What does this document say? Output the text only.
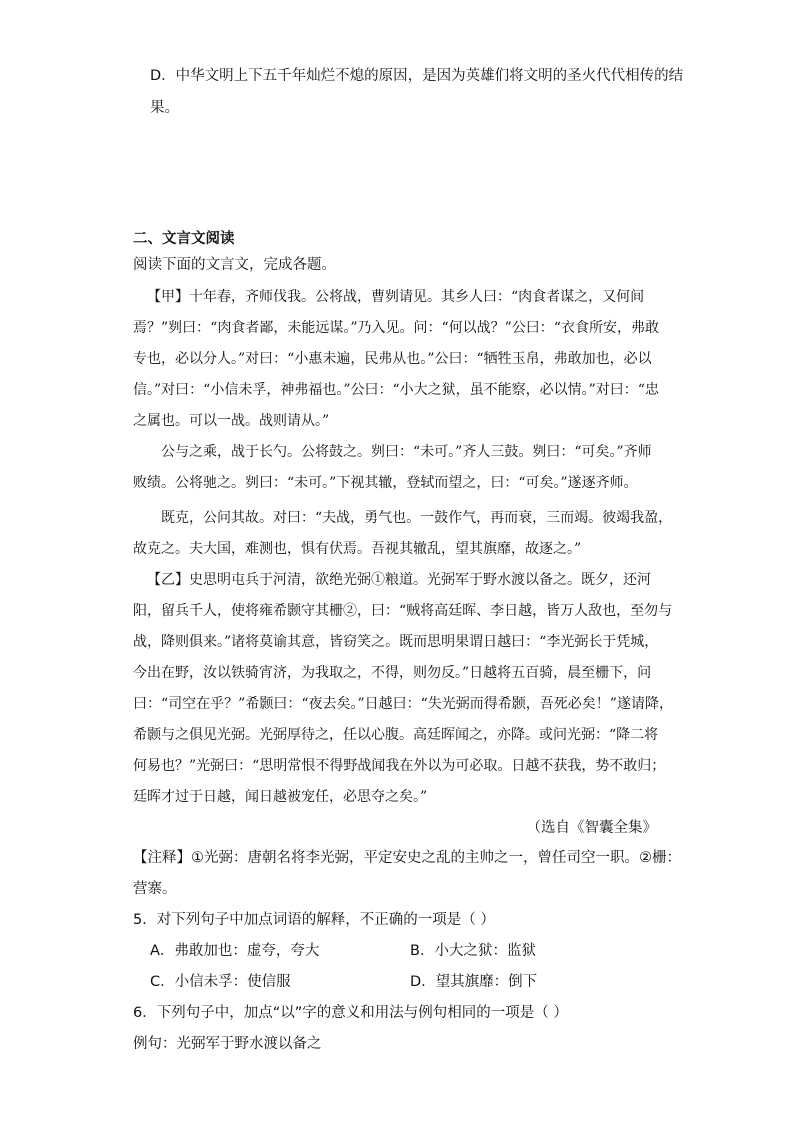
D．中华文明上下五千年灿烂不熄的原因，是因为英雄们将文明的圣火代代相传的结
果。
二、文言文阅读
阅读下面的文言文，完成各题。
【甲】十年春，齐师伐我。公将战，曹刿请见。其乡人曰：“肉食者谋之，又何间
焉？”刿曰：“肉食者鄙，未能远谋。”乃入见。问：“何以战？”公曰：“衣食所安，弗敢
专也，必以分人。”对曰：“小惠未遍，民弗从也。”公曰：“牺牲玉帛，弗敢加也，必以
信。”对曰：“小信未孚，神弗福也。”公曰：“小大之狱，虽不能察，必以情。”对曰：“忠
之属也。可以一战。战则请从。”
公与之乘，战于长勺。公将鼓之。刿曰：“未可。”齐人三鼓。刿曰：“可矣。”齐师
败绩。公将驰之。刿曰：“未可。”下视其辙，登轼而望之，曰：“可矣。”遂逐齐师。
既克，公问其故。对曰：“夫战，勇气也。一鼓作气，再而衰，三而竭。彼竭我盈，
故克之。夫大国，难测也，惧有伏焉。吾视其辙乱，望其旗靡，故逐之。”
【乙】史思明屯兵于河清，欲绝光弼①粮道。光弼军于野水渡以备之。既夕，还河
阳，留兵千人，使将雍希颢守其栅②，曰：“贼将高廷晖、李日越，皆万人敌也，至勿与
战，降则俱来。”诸将莫谕其意，皆窃笑之。既而思明果谓日越曰：“李光弼长于凭城，
今出在野，汝以铁骑宵济，为我取之，不得，则勿反。”日越将五百骑，晨至栅下，问
曰：“司空在乎？”希颢曰：“夜去矣。”日越曰：“失光弼而得希颢，吾死必矣！”遂请降，
希颢与之俱见光弼。光弼厚待之，任以心腹。高廷晖闻之，亦降。或问光弼：“降二将
何易也？”光弼曰：“思明常恨不得野战闻我在外以为可必取。日越不获我，势不敢归；
廷晖才过于日越，闻日越被宠任，必思夺之矣。”
（选自《智囊全集》
【注释】①光弼：唐朝名将李光弼，平定安史之乱的主帅之一，曾任司空一职。②栅：
营寨。
5．对下列句子中加点词语的解释，不正确的一项是（ ）
A．弗敢加也：虚夸，夸大	B．小大之狱：监狱
C．小信未孚：使信服	D．望其旗靡：倒下
6．下列句子中，加点“以”字的意义和用法与例句相同的一项是（ ）
例句：光弼军于野水渡以备之
